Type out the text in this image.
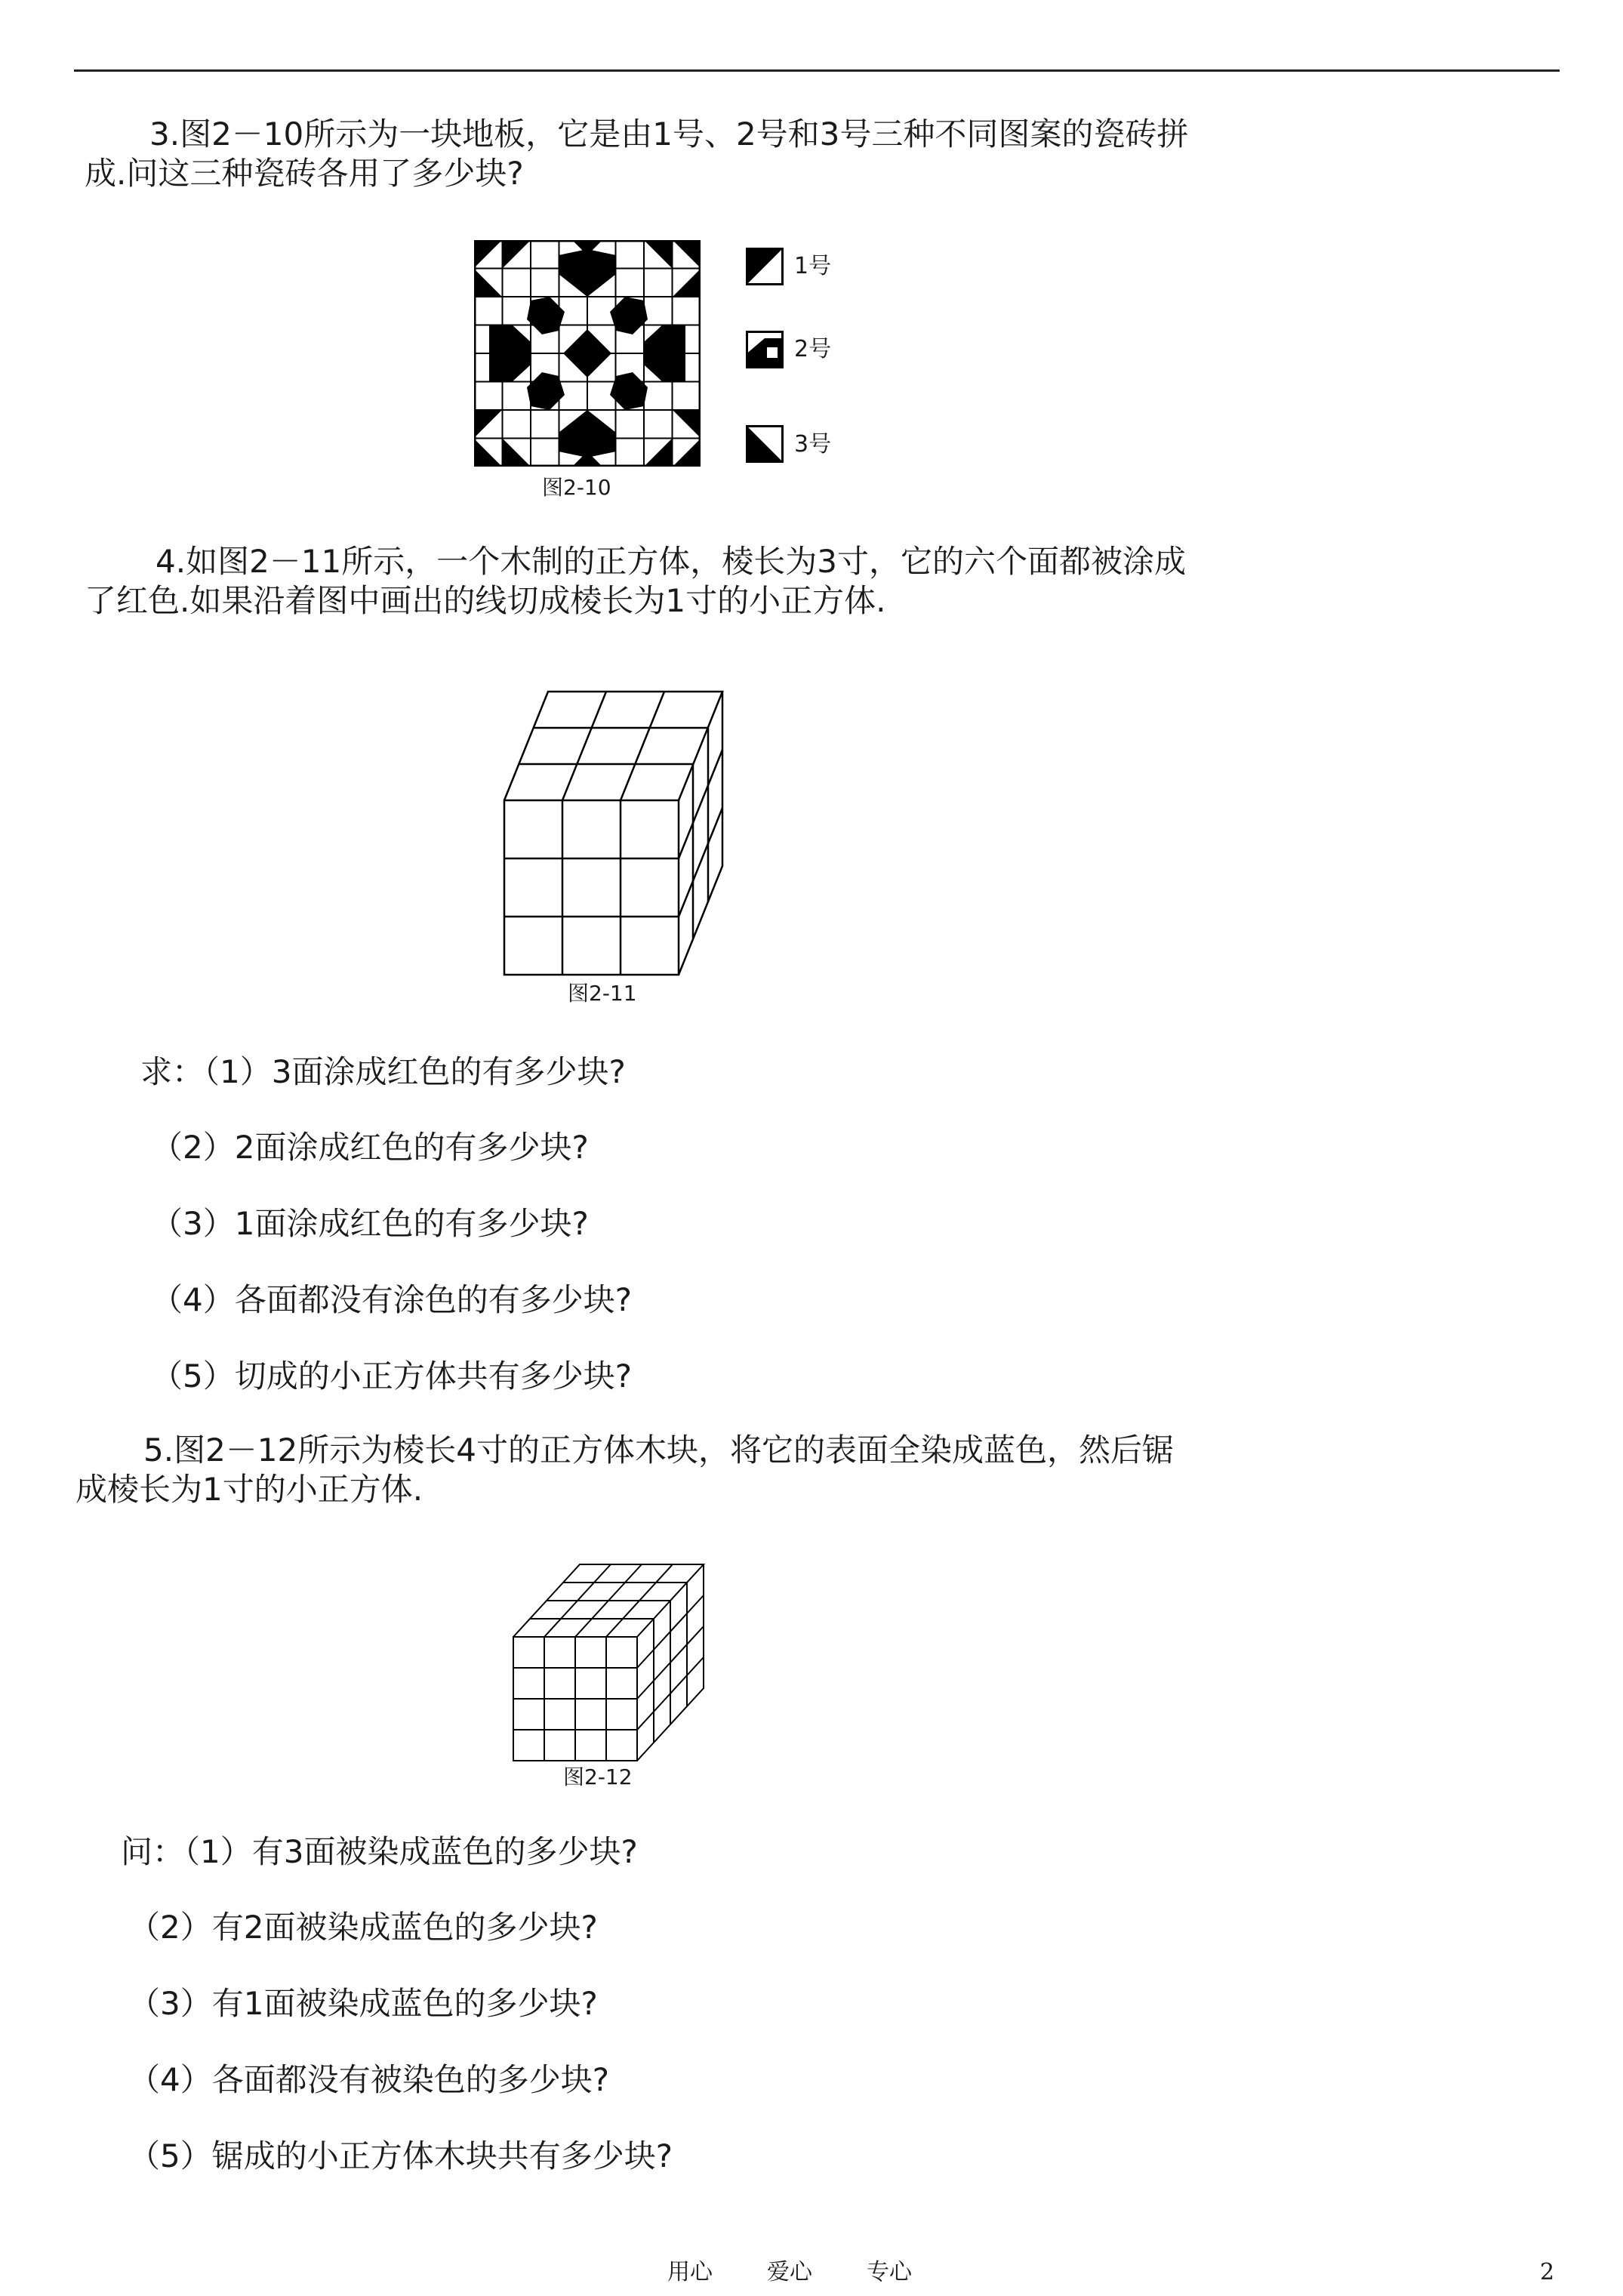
3.图2－10所示为一块地板，它是由1号、2号和3号三种不同图案的瓷砖拼
成.问这三种瓷砖各用了多少块?
图2-10
1号
2号
3号
4.如图2－11所示，一个木制的正方体，棱长为3寸，它的六个面都被涂成
了红色.如果沿着图中画出的线切成棱长为1寸的小正方体.
图2-11
求：（1）3面涂成红色的有多少块?
（2）2面涂成红色的有多少块?
（3）1面涂成红色的有多少块?
（4）各面都没有涂色的有多少块?
（5）切成的小正方体共有多少块?
5.图2－12所示为棱长4寸的正方体木块，将它的表面全染成蓝色，然后锯
成棱长为1寸的小正方体.
图2-12
问：（1）有3面被染成蓝色的多少块?
（2）有2面被染成蓝色的多少块?
（3）有1面被染成蓝色的多少块?
（4）各面都没有被染色的多少块?
（5）锯成的小正方体木块共有多少块?
用心 爱心 专心	2
